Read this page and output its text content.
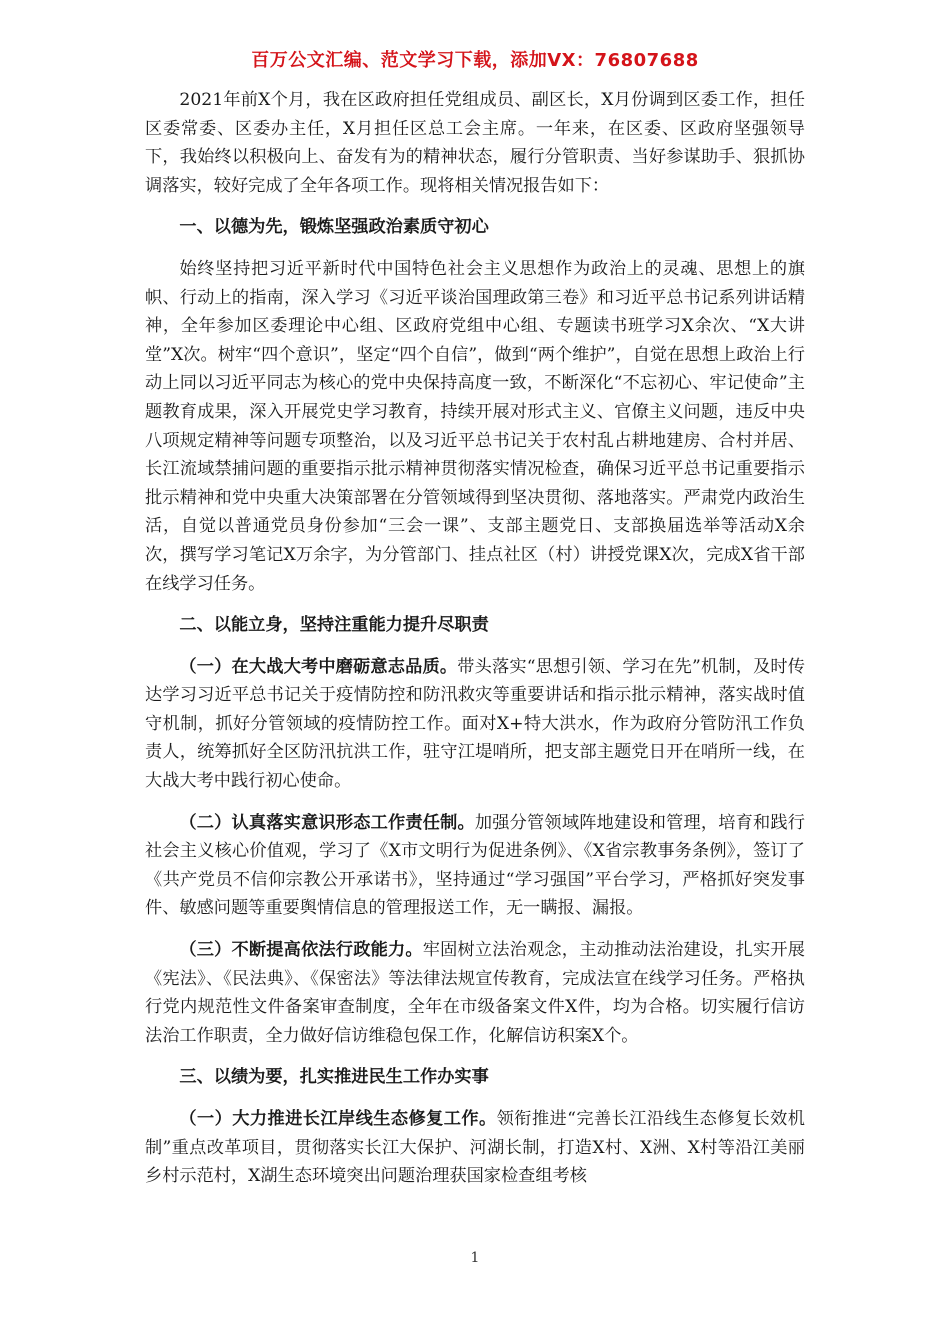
百万公文汇编、范文学习下载，添加VX：76807688

2021年前X个月，我在区政府担任党组成员、副区长，X月份调到区委工作，担任区委常委、区委办主任，X月担任区总工会主席。一年来，在区委、区政府坚强领导下，我始终以积极向上、奋发有为的精神状态，履行分管职责、当好参谋助手、狠抓协调落实，较好完成了全年各项工作。现将相关情况报告如下：

一、以德为先，锻炼坚强政治素质守初心

始终坚持把习近平新时代中国特色社会主义思想作为政治上的灵魂、思想上的旗帜、行动上的指南，深入学习《习近平谈治国理政第三卷》和习近平总书记系列讲话精神，全年参加区委理论中心组、区政府党组中心组、专题读书班学习X余次、“X大讲堂”X次。树牢“四个意识”，坚定“四个自信”，做到“两个维护”，自觉在思想上政治上行动上同以习近平同志为核心的党中央保持高度一致，不断深化“不忘初心、牢记使命”主题教育成果，深入开展党史学习教育，持续开展对形式主义、官僚主义问题，违反中央八项规定精神等问题专项整治，以及习近平总书记关于农村乱占耕地建房、合村并居、长江流域禁捕问题的重要指示批示精神贯彻落实情况检查，确保习近平总书记重要指示批示精神和党中央重大决策部署在分管领域得到坚决贯彻、落地落实。严肃党内政治生活，自觉以普通党员身份参加“三会一课”、支部主题党日、支部换届选举等活动X余次，撰写学习笔记X万余字，为分管部门、挂点社区（村）讲授党课X次，完成X省干部在线学习任务。

二、以能立身，坚持注重能力提升尽职责

（一）在大战大考中磨砺意志品质。带头落实“思想引领、学习在先”机制，及时传达学习习近平总书记关于疫情防控和防汛救灾等重要讲话和指示批示精神，落实战时值守机制，抓好分管领域的疫情防控工作。面对X+特大洪水，作为政府分管防汛工作负责人，统筹抓好全区防汛抗洪工作，驻守江堤哨所，把支部主题党日开在哨所一线，在大战大考中践行初心使命。

（二）认真落实意识形态工作责任制。加强分管领域阵地建设和管理，培育和践行社会主义核心价值观，学习了《X市文明行为促进条例》、《X省宗教事务条例》，签订了《共产党员不信仰宗教公开承诺书》，坚持通过“学习强国”平台学习，严格抓好突发事件、敏感问题等重要舆情信息的管理报送工作，无一瞒报、漏报。

（三）不断提高依法行政能力。牢固树立法治观念，主动推动法治建设，扎实开展《宪法》、《民法典》、《保密法》等法律法规宣传教育，完成法宣在线学习任务。严格执行党内规范性文件备案审查制度，全年在市级备案文件X件，均为合格。切实履行信访法治工作职责，全力做好信访维稳包保工作，化解信访积案X个。

三、以绩为要，扎实推进民生工作办实事

（一）大力推进长江岸线生态修复工作。领衔推进“完善长江沿线生态修复长效机制”重点改革项目，贯彻落实长江大保护、河湖长制，打造X村、X洲、X村等沿江美丽乡村示范村，X湖生态环境突出问题治理获国家检查组考核

1
